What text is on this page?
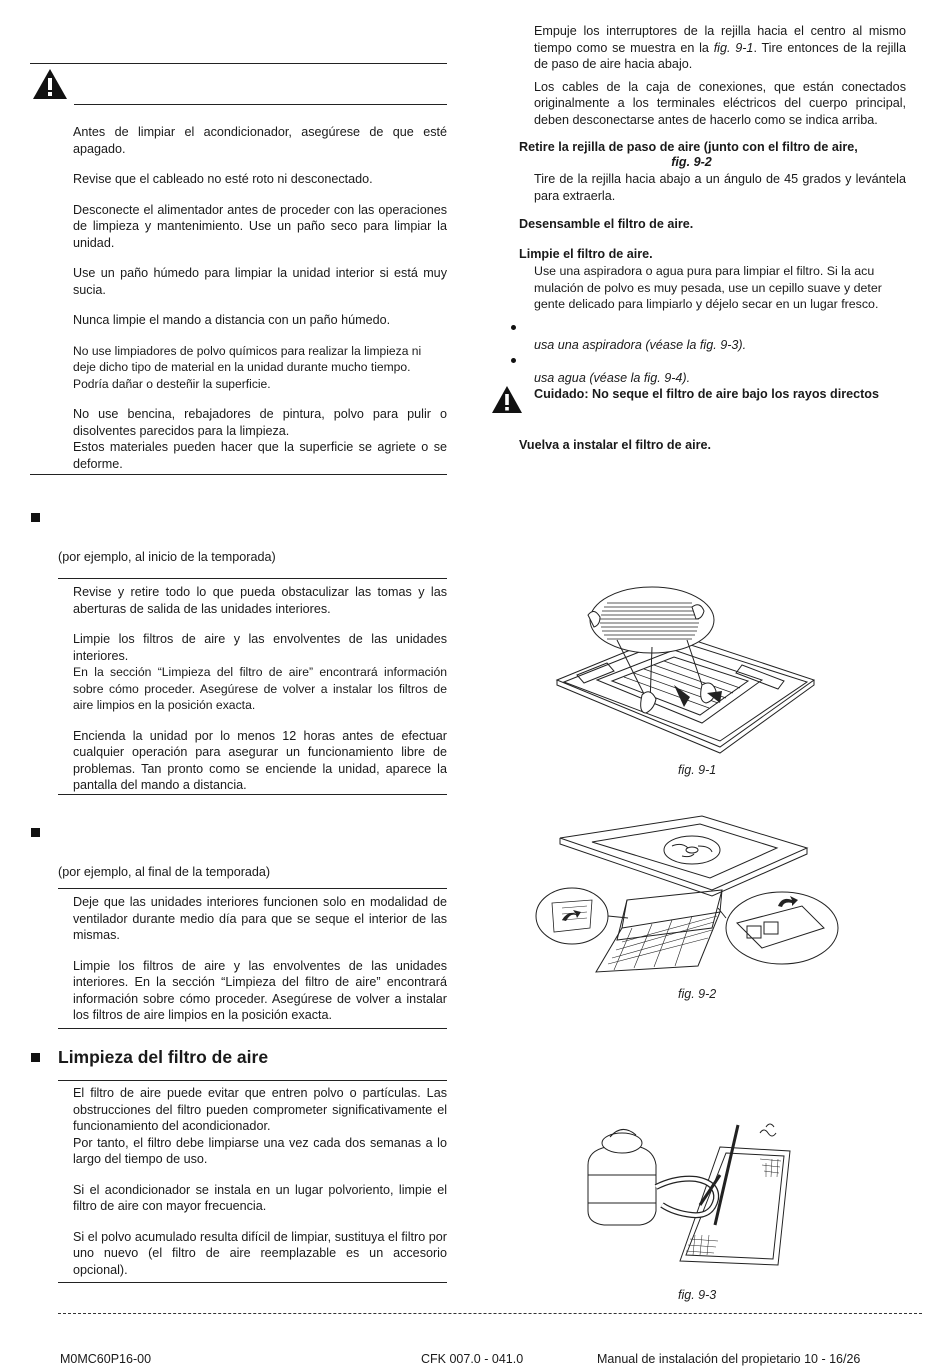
Antes de limpiar el acondicionador, asegúrese de que esté apagado.

Revise que el cableado no esté roto ni desconectado.

Desconecte el alimentador antes de proceder con las operaciones de limpieza y mantenimiento. Use un paño seco para limpiar la unidad.

Use un paño húmedo para limpiar la unidad interior si está muy sucia.

Nunca limpie el mando a distancia con un paño húmedo.

No use limpiadores de polvo químicos para realizar la limpieza ni deje dicho tipo de material en la unidad durante mucho tiempo. Podría dañar o desteñir la superficie.

No use bencina, rebajadores de pintura, polvo para pulir o disolventes parecidos para la limpieza.

Estos materiales pueden hacer que la superficie se agriete o se deforme.

(por ejemplo, al inicio de la temporada)

Revise y retire todo lo que pueda obstaculizar las tomas y las aberturas de salida de las unidades interiores.

Limpie los filtros de aire y las envolventes de las unidades interiores.

En la sección “Limpieza del filtro de aire” encontrará información sobre cómo proceder. Asegúrese de volver a instalar los filtros de aire limpios en la posición exacta.

Encienda la unidad por lo menos 12 horas antes de efectuar cualquier operación para asegurar un funcionamiento libre de problemas. Tan pronto como se enciende la unidad, aparece la pantalla del mando a distancia.

(por ejemplo, al final de la temporada)

Deje que las unidades interiores funcionen solo en modalidad de ventilador durante medio día para que se seque el interior de las mismas.

Limpie los filtros de aire y las envolventes de las unidades interiores. En la sección “Limpieza del filtro de aire” encontrará información sobre cómo proceder. Asegúrese de volver a instalar los filtros de aire limpios en la posición exacta.

Limpieza del filtro de aire

El filtro de aire puede evitar que entren polvo o partículas. Las obstrucciones del filtro pueden comprometer significativamente el funcionamiento del acondicionador.

Por tanto, el filtro debe limpiarse una vez cada dos semanas a lo largo del tiempo de uso.

Si el acondicionador se instala en un lugar polvoriento, limpie el filtro de aire con mayor frecuencia.

Si el polvo acumulado resulta difícil de limpiar, sustituya el filtro por uno nuevo (el filtro de aire reemplazable es un accesorio opcional).

Empuje los interruptores de la rejilla hacia el centro al mismo tiempo como se muestra en la fig. 9-1. Tire entonces de la rejilla de paso de aire hacia abajo.

Los cables de la caja de conexiones, que están conectados originalmente a los terminales eléctricos del cuerpo principal, deben desconectarse antes de hacerlo como se indica arriba.

Retire la rejilla de paso de aire (junto con el filtro de aire,
fig. 9-2
Tire de la rejilla hacia abajo a un ángulo de 45 grados y levántela para extraerla.
Desensamble el filtro de aire.
Limpie el filtro de aire.
Use una aspiradora o agua pura para limpiar el filtro. Si la acu mulación de polvo es muy pesada, use un cepillo suave y deter gente delicado para limpiarlo y déjelo secar en un lugar fresco.
usa una aspiradora (véase la fig. 9-3).
usa agua (véase la fig. 9-4).
Cuidado: No seque el filtro de aire bajo los rayos directos
Vuelva a instalar el filtro de aire.
fig. 9-1
fig. 9-2
fig. 9-3
M0MC60P16-00	CFK 007.0 - 041.0	Manual de instalación del propietario 10 - 16/26
